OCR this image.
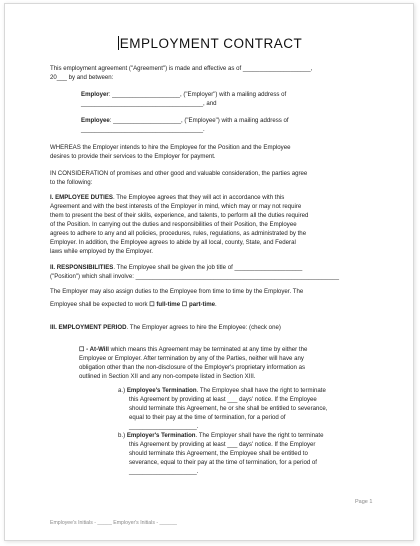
EMPLOYMENT CONTRACT
This employment agreement ("Agreement") is made and effective as of ____________________,
20___ by and between:
Employer: ____________________, ("Employer") with a mailing address of
____________________________________, and
Employee: ____________________, ("Employee") with a mailing address of
____________________________________.
WHEREAS the Employer intends to hire the Employee for the Position and the Employee
desires to provide their services to the Employer for payment.
IN CONSIDERATION of promises and other good and valuable consideration, the parties agree
to the following:
I. EMPLOYEE DUTIES. The Employee agrees that they will act in accordance with this
Agreement and with the best interests of the Employer in mind, which may or may not require
them to present the best of their skills, experience, and talents, to perform all the duties required
of the Position. In carrying out the duties and responsibilities of their Position, the Employee
agrees to adhere to any and all policies, procedures, rules, regulations, as administrated by the
Employer. In addition, the Employee agrees to abide by all local, county, State, and Federal
laws while employed by the Employer.
II. RESPONSIBILITIES. The Employee shall be given the job title of ____________________
("Position") which shall involve: ____________________________________________________________
The Employer may also assign duties to the Employee from time to time by the Employer. The
Employee shall be expected to work ☐ full-time ☐ part-time.
III. EMPLOYMENT PERIOD. The Employer agrees to hire the Employee: (check one)
☐ - At-Will which means this Agreement may be terminated at any time by either the
Employee or Employer. After termination by any of the Parties, neither will have any
obligation other than the non-disclosure of the Employer's proprietary information as
outlined in Section XII and any non-compete listed in Section XIII.
a.) Employee's Termination. The Employee shall have the right to terminate
this Agreement by providing at least ___ days' notice. If the Employee
should terminate this Agreement, he or she shall be entitled to severance,
equal to their pay at the time of termination, for a period of
____________________.
b.) Employer's Termination. The Employer shall have the right to terminate
this Agreement by providing at least ___ days' notice. If the Employer
should terminate this Agreement, the Employee shall be entitled to
severance, equal to their pay at the time of termination, for a period of
____________________.
Page 1
Employee's Initials - _____ Employer's Initials - ______
